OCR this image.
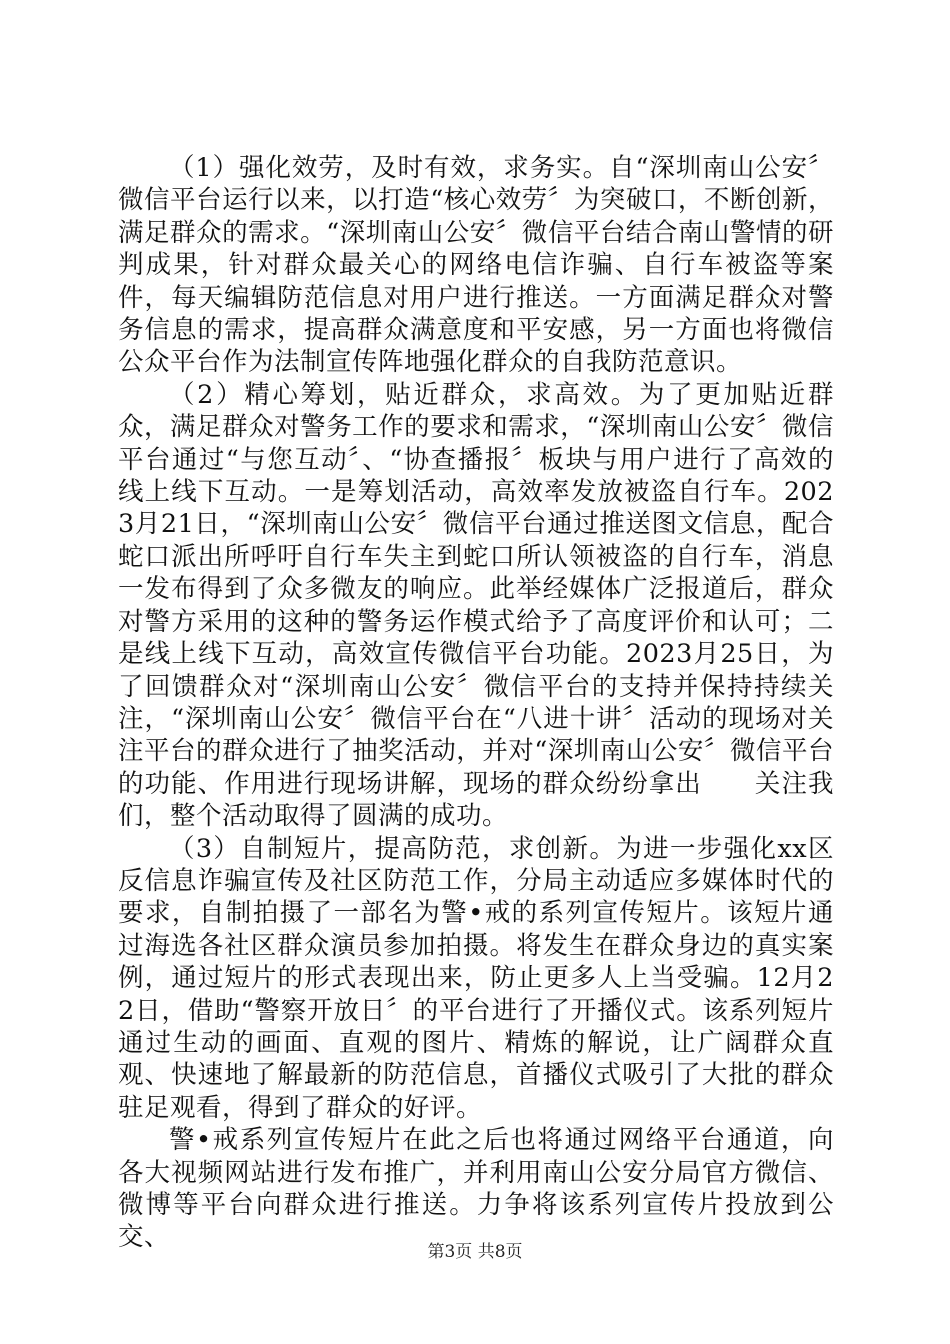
（1）强化效劳，及时有效，求务实。自“深圳南山公安〞微信平台运行以来，以打造“核心效劳〞为突破口，不断创新，满足群众的需求。“深圳南山公安〞微信平台结合南山警情的研判成果，针对群众最关心的网络电信诈骗、自行车被盗等案件，每天编辑防范信息对用户进行推送。一方面满足群众对警务信息的需求，提高群众满意度和平安感，另一方面也将微信公众平台作为法制宣传阵地强化群众的自我防范意识。

（2）精心筹划，贴近群众，求高效。为了更加贴近群众，满足群众对警务工作的要求和需求，“深圳南山公安〞微信平台通过“与您互动〞、“协查播报〞板块与用户进行了高效的线上线下互动。一是筹划活动，高效率发放被盗自行车。2023月21日，“深圳南山公安〞微信平台通过推送图文信息，配合蛇口派出所呼吁自行车失主到蛇口所认领被盗的自行车，消息一发布得到了众多微友的响应。此举经媒体广泛报道后，群众对警方采用的这种的警务运作模式给予了高度评价和认可；二是线上线下互动，高效宣传微信平台功能。2023月25日，为了回馈群众对“深圳南山公安〞微信平台的支持并保持持续关注，“深圳南山公安〞微信平台在“八进十讲〞活动的现场对关注平台的群众进行了抽奖活动，并对“深圳南山公安〞微信平台的功能、作用进行现场讲解，现场的群众纷纷拿出　　关注我们，整个活动取得了圆满的成功。

（3）自制短片，提高防范，求创新。为进一步强化xx区反信息诈骗宣传及社区防范工作，分局主动适应多媒体时代的要求，自制拍摄了一部名为警•戒的系列宣传短片。该短片通过海选各社区群众演员参加拍摄。将发生在群众身边的真实案例，通过短片的形式表现出来，防止更多人上当受骗。12月22日，借助“警察开放日〞的平台进行了开播仪式。该系列短片通过生动的画面、直观的图片、精炼的解说，让广阔群众直观、快速地了解最新的防范信息，首播仪式吸引了大批的群众驻足观看，得到了群众的好评。

警•戒系列宣传短片在此之后也将通过网络平台通道，向各大视频网站进行发布推广，并利用南山公安分局官方微信、微博等平台向群众进行推送。力争将该系列宣传片投放到公交、	第3页 共8页
